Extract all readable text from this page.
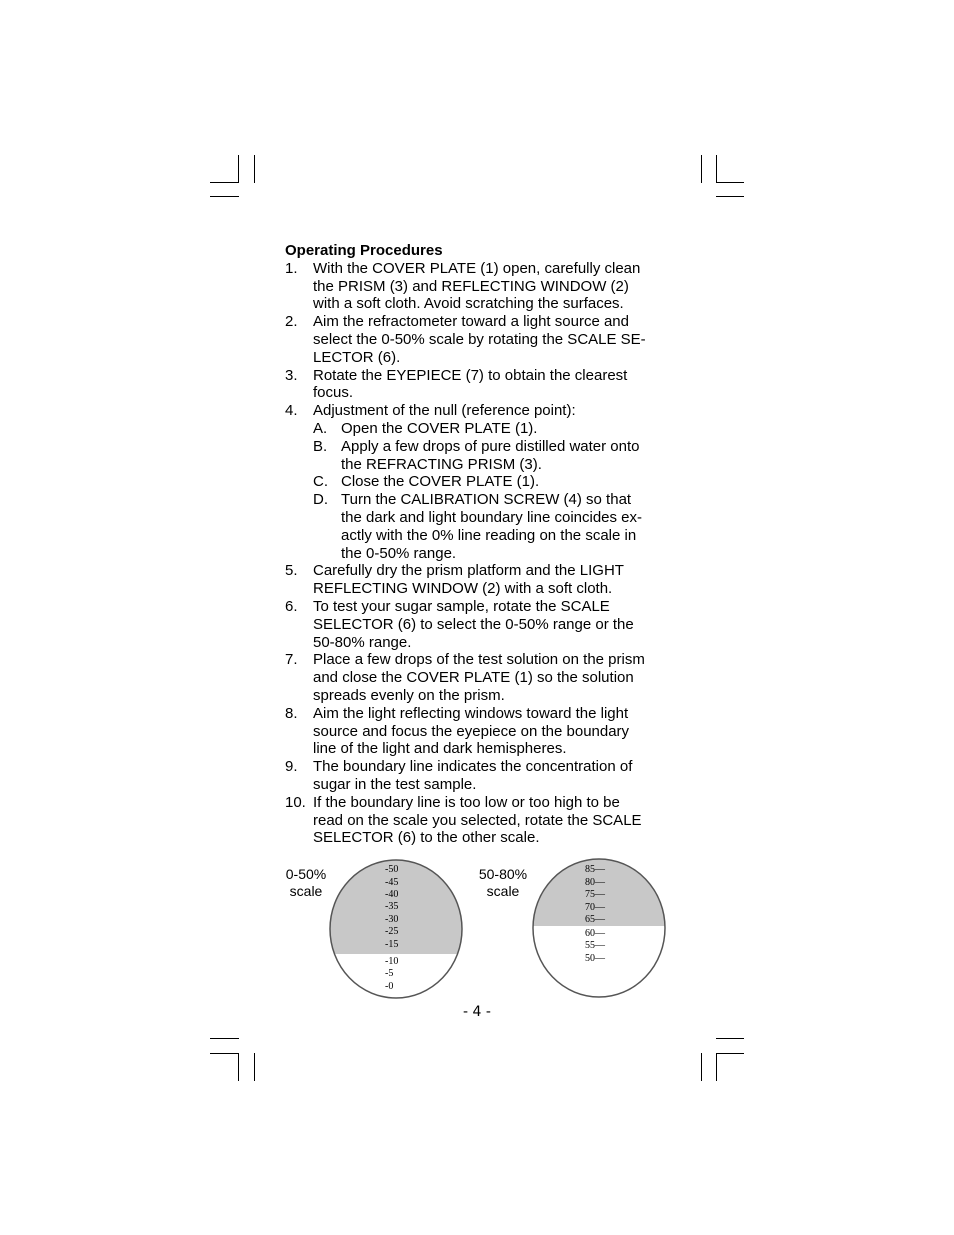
Operating Procedures
1. With the COVER PLATE (1) open, carefully clean
the PRISM (3) and REFLECTING WINDOW (2)
with a soft cloth. Avoid scratching the surfaces.
2. Aim the refractometer toward a light source and
select the 0-50% scale by rotating the SCALE SE-
LECTOR (6).
3. Rotate the EYEPIECE (7) to obtain the clearest
focus.
4. Adjustment of the null (reference point):
A. Open the COVER PLATE (1).
B. Apply a few drops of pure distilled water onto
the REFRACTING PRISM (3).
C. Close the COVER PLATE (1).
D. Turn the CALIBRATION SCREW (4) so that
the dark and light boundary line coincides ex-
actly with the 0% line reading on the scale in
the 0-50% range.
5. Carefully dry the prism platform and the LIGHT
REFLECTING WINDOW (2) with a soft cloth.
6. To test your sugar sample, rotate the SCALE
SELECTOR (6) to select the 0-50% range or the
50-80% range.
7. Place a few drops of the test solution on the prism
and close the COVER PLATE (1) so the solution
spreads evenly on the prism.
8. Aim the light reflecting windows toward the light
source and focus the eyepiece on the boundary
line of the light and dark hemispheres.
9. The boundary line indicates the concentration of
sugar in the test sample.
10. If the boundary line is too low or too high to be
read on the scale you selected, rotate the SCALE
SELECTOR (6) to the other scale.
0-50%
scale
-50
-45
-40
-35
-30
-25
-15
-10
-5
-0
50-80%
scale
85—
80—
75—
70—
65—
60—
55—
50—
- 4 -
